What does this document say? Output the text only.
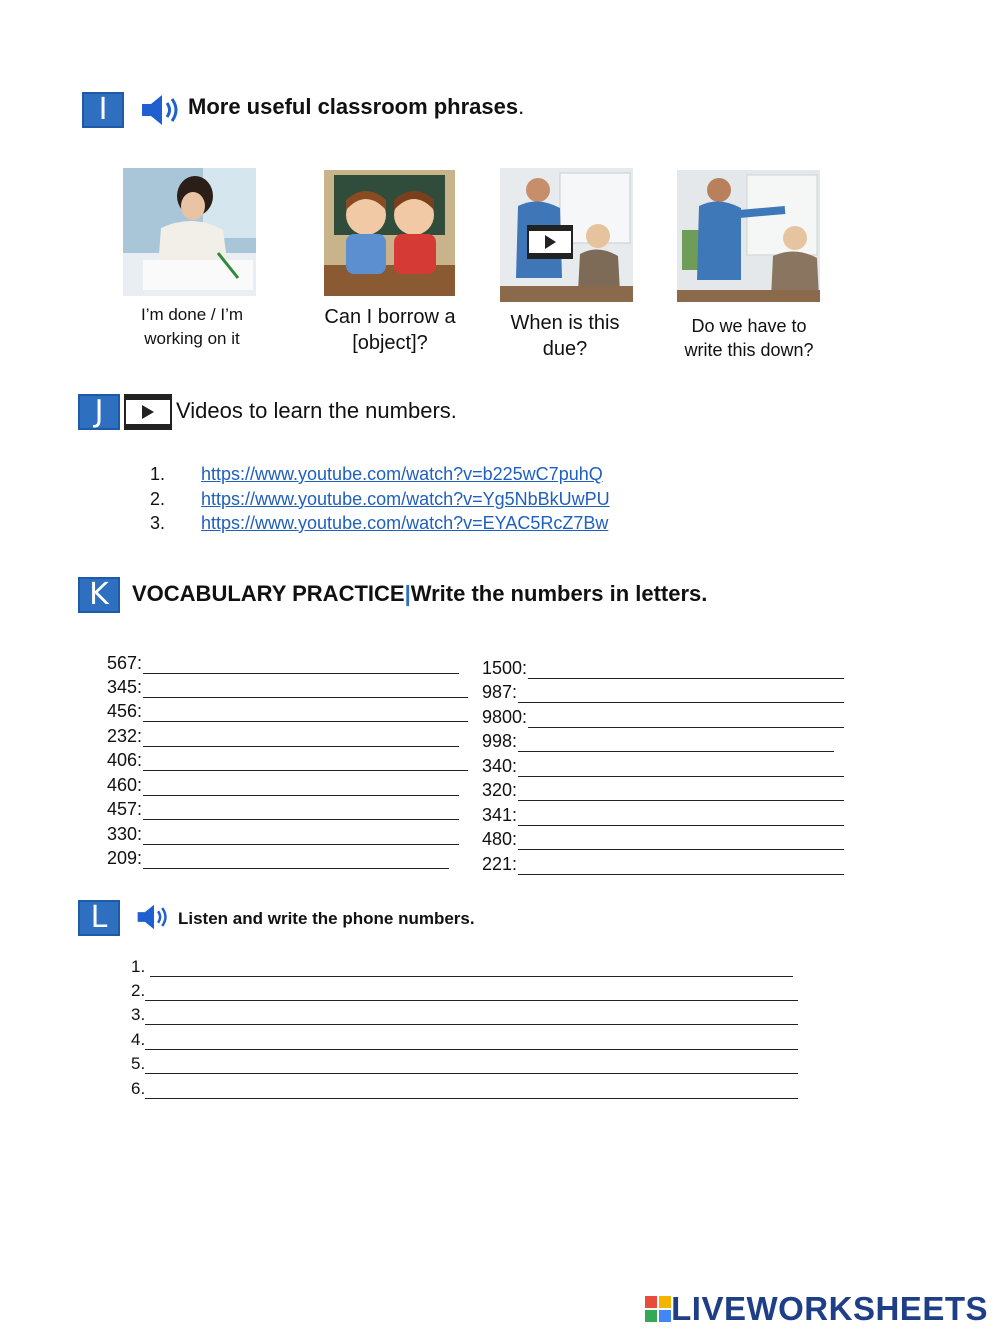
I	More useful classroom phrases.
I’m done / I’m
working on it
Can I borrow a
[object]?
When is this
due?
Do we have to
write this down?
J	Videos to learn the numbers.
1.	https://www.youtube.com/watch?v=b225wC7puhQ
2.	https://www.youtube.com/watch?v=Yg5NbBkUwPU
3.	https://www.youtube.com/watch?v=EYAC5RcZ7Bw
K	VOCABULARY PRACTICE|Write the numbers in letters.
567:
345:
456:
232:
406:
460:
457:
330:
209:
1500:
987:
9800:
998:
340:
320:
341:
480:
221:
L	Listen and write the phone numbers.
1.
2.
3.
4.
5.
6.
LIVEWORKSHEETS
